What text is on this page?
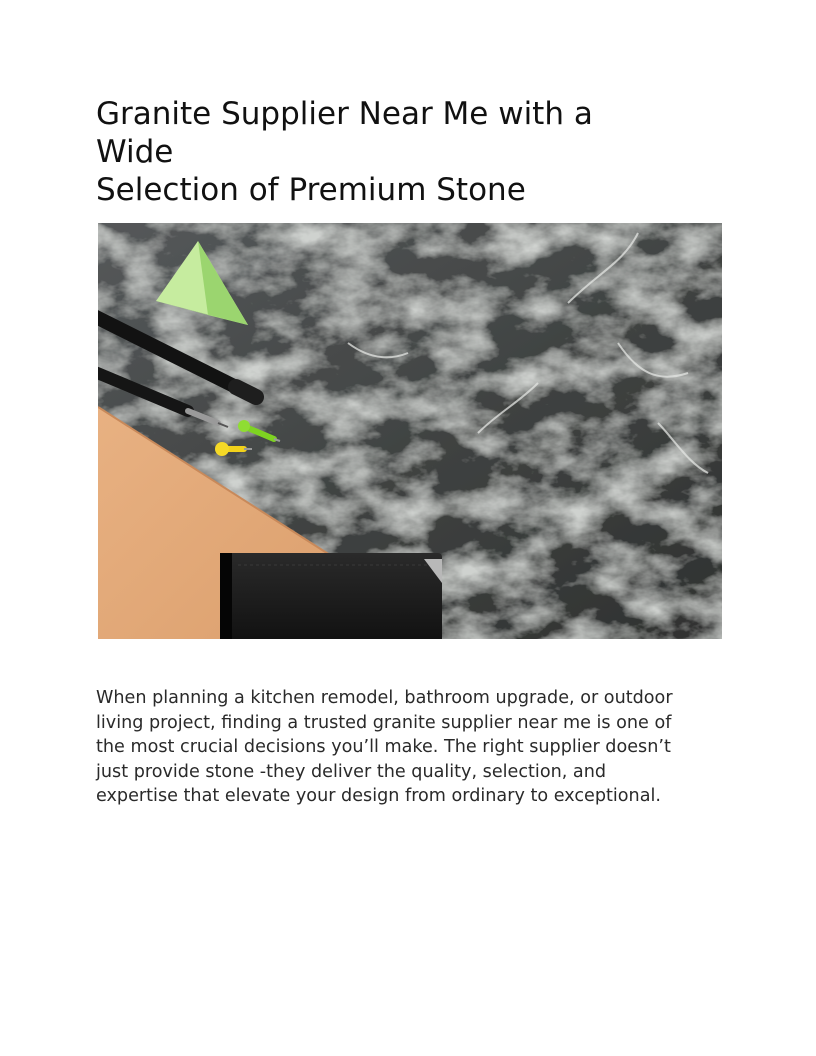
Granite Supplier Near Me with a
Wide
Selection of Premium Stone

When planning a kitchen remodel, bathroom upgrade, or outdoor
living project, finding a trusted granite supplier near me is one of
the most crucial decisions you’ll make. The right supplier doesn’t
just provide stone -they deliver the quality, selection, and
expertise that elevate your design from ordinary to exceptional.
